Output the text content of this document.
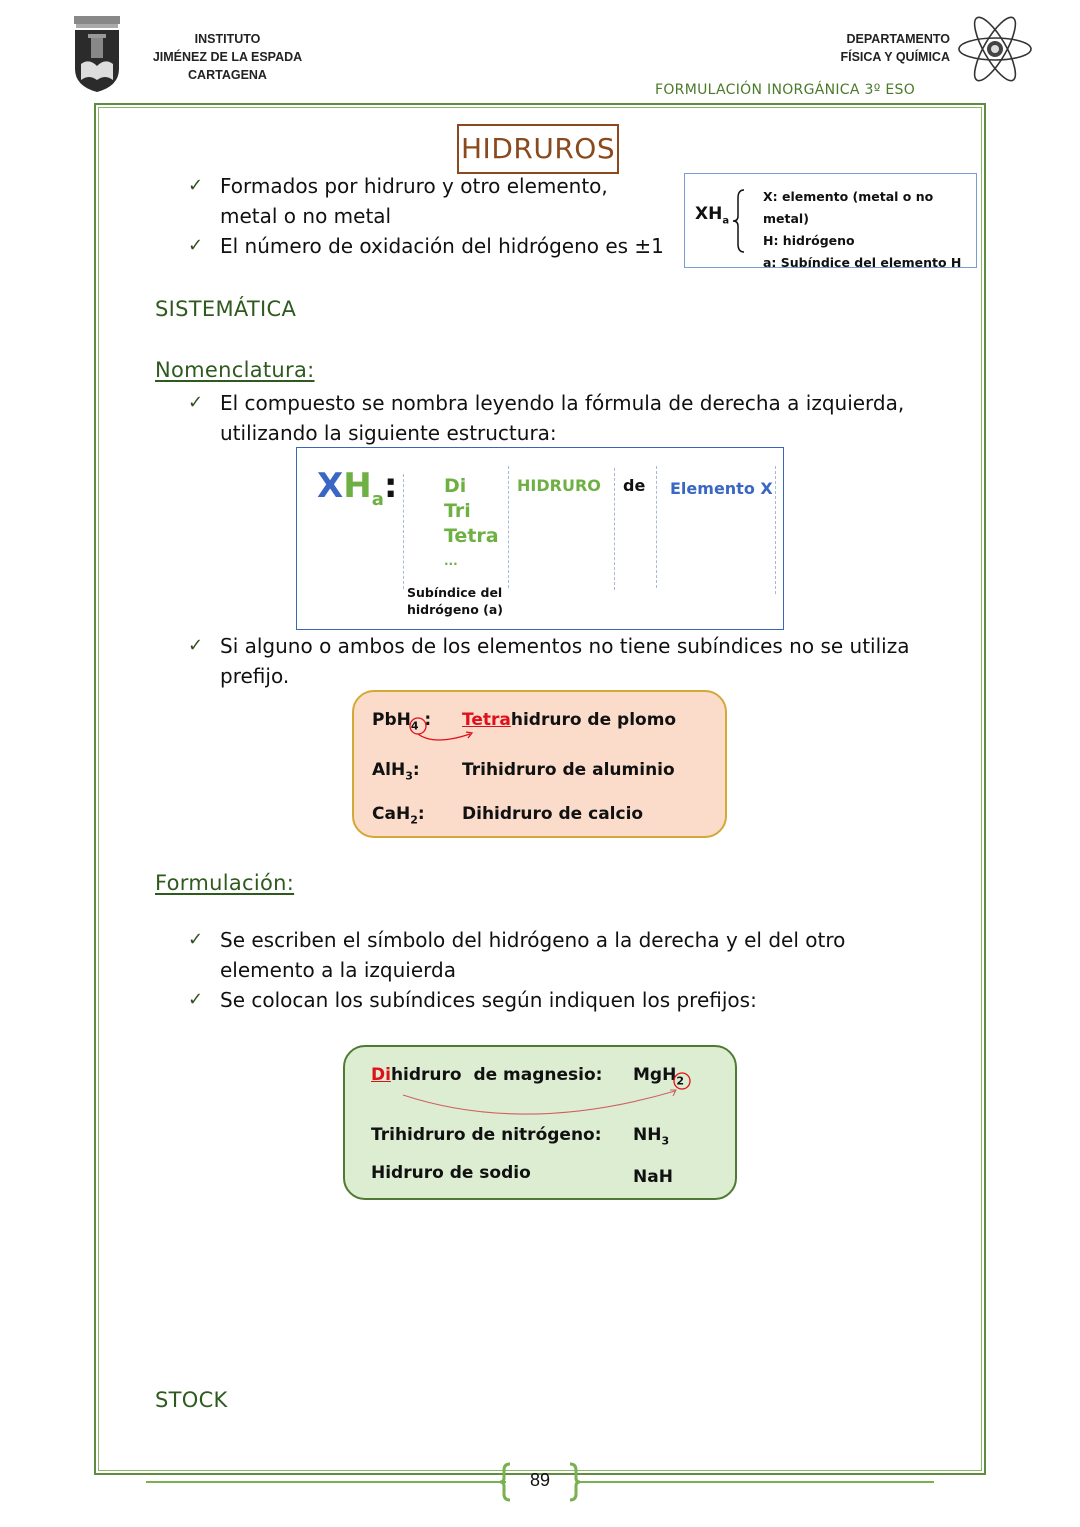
INSTITUTO
JIMÉNEZ DE LA ESPADA
CARTAGENA
DEPARTAMENTO
FÍSICA Y QUÍMICA
FORMULACIÓN INORGÁNICA 3º ESO
HIDRUROS
✓ Formados por hidruro y otro elemento,
metal o no metal
✓ El número de oxidación del hidrógeno es ±1
$XH_a$
X: elemento (metal o no metal)
H: hidrógeno
a: Subíndice del elemento H
SISTEMÁTICA
Nomenclatura:
✓ El compuesto se nombra leyendo la fórmula de derecha a izquierda,
utilizando la siguiente estructura:
$XH_a$: Di
Tri
Tetra
...
HIDRURO de Elemento X
Subíndice del
hidrógeno (a)
✓ Si alguno o ambos de los elementos no tiene subíndices no se utiliza
prefijo.
PbH$_4$ : Tetrahidruro de plomo
AlH$_3$: Trihidruro de aluminio
CaH$_2$: Dihidruro de calcio
Formulación:
✓ Se escriben el símbolo del hidrógeno a la derecha y el del otro
elemento a la izquierda
✓ Se colocan los subíndices según indiquen los prefijos:
Dihidruro  de magnesio: MgH$_2$
Trihidruro de nitrógeno: $NH_3$
Hidruro de sodio	NaH
STOCK
89
